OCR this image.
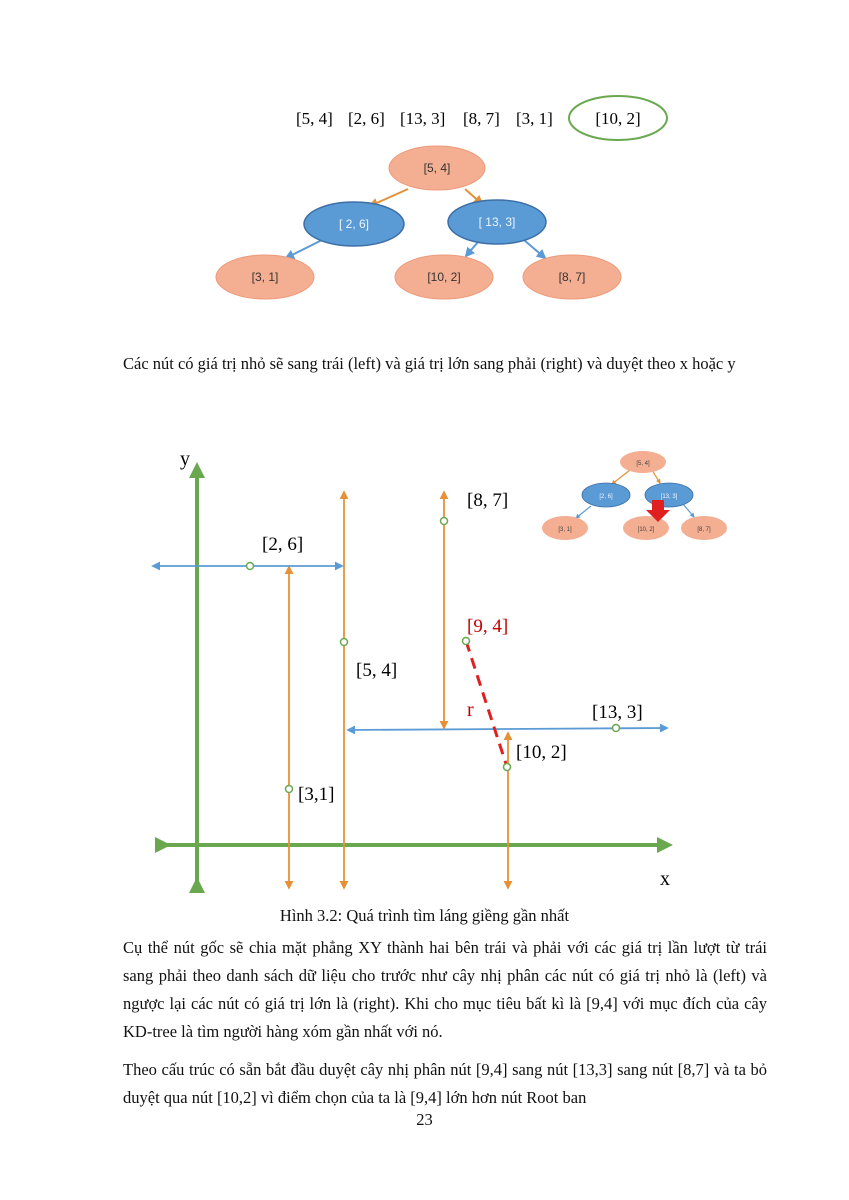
[5, 4] [2, 6] [13, 3] [8, 7] [3, 1]	[10, 2]
[5, 4]
[ 2, 6]	[ 13, 3]
[3, 1]	[10, 2]	[8, 7]

Các nút có giá trị nhỏ sẽ sang trái (left) và giá trị lớn sang phải (right) và duyệt theo x hoặc y

y
x
r
[2, 6]
[5, 4]
[8, 7]
[9, 4]
[13, 3]
[10, 2]
[3,1]
[5, 4]
[2, 6]	[13, 3]
[3, 1]	[10, 2]	[8, 7]
Hình 3.2: Quá trình tìm láng giềng gần nhất

Cụ thể nút gốc sẽ chia mặt phẳng XY thành hai bên trái và phải với các giá trị lần lượt từ trái sang phải theo danh sách dữ liệu cho trước như cây nhị phân các nút có giá trị nhỏ là (left) và ngược lại các nút có giá trị lớn là (right). Khi cho mục tiêu bất kì là [9,4] với mục đích của cây KD-tree là tìm người hàng xóm gần nhất với nó.

Theo cấu trúc có sẵn bắt đầu duyệt cây nhị phân nút [9,4] sang nút [13,3] sang nút [8,7] và ta bỏ duyệt qua nút [10,2] vì điểm chọn của ta là [9,4] lớn hơn nút Root ban

23
